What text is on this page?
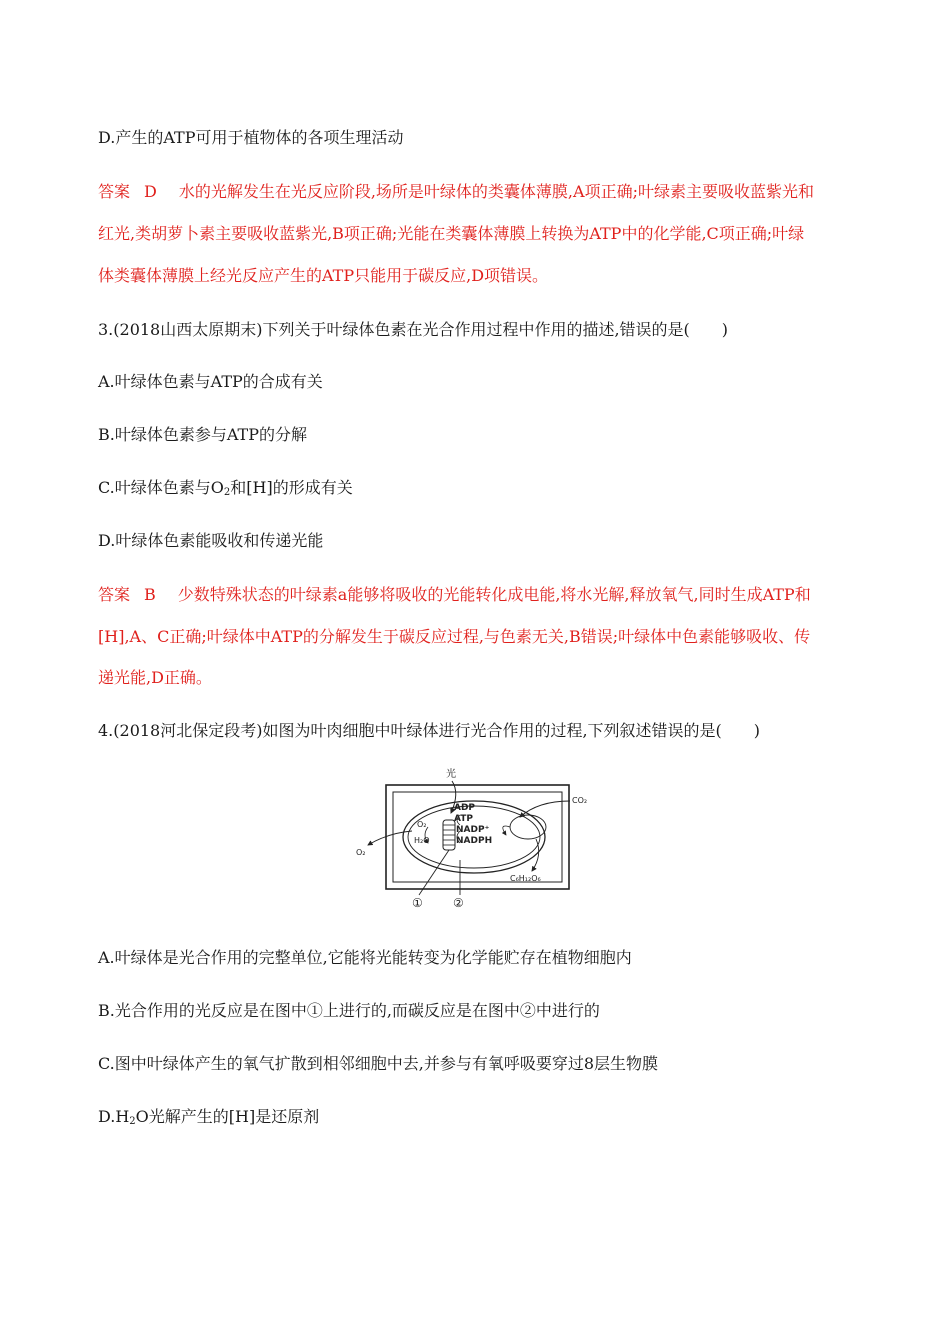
D.产生的ATP可用于植物体的各项生理活动
答案 D 水的光解发生在光反应阶段,场所是叶绿体的类囊体薄膜,A项正确;叶绿素主要吸收蓝紫光和
红光,类胡萝卜素主要吸收蓝紫光,B项正确;光能在类囊体薄膜上转换为ATP中的化学能,C项正确;叶绿
体类囊体薄膜上经光反应产生的ATP只能用于碳反应,D项错误。
3.(2018山西太原期末)下列关于叶绿体色素在光合作用过程中作用的描述,错误的是(　　)
A.叶绿体色素与ATP的合成有关
B.叶绿体色素参与ATP的分解
C.叶绿体色素与$O_2$和[H]的形成有关
D.叶绿体色素能吸收和传递光能
答案 B 少数特殊状态的叶绿素a能够将吸收的光能转化成电能,将水光解,释放氧气,同时生成ATP和
[H],A、C正确;叶绿体中ATP的分解发生于碳反应过程,与色素无关,B错误;叶绿体中色素能够吸收、传
递光能,D正确。
4.(2018河北保定段考)如图为叶肉细胞中叶绿体进行光合作用的过程,下列叙述错误的是(　　)
光
ADP
ATP
NADP⁺
NADPH
O₂
O₂
H₂O
CO₂
C₆H₁₂O₆
①	②
A.叶绿体是光合作用的完整单位,它能将光能转变为化学能贮存在植物细胞内
B.光合作用的光反应是在图中①上进行的,而碳反应是在图中②中进行的
C.图中叶绿体产生的氧气扩散到相邻细胞中去,并参与有氧呼吸要穿过8层生物膜
$D.H_2O$光解产生的[H]是还原剂
